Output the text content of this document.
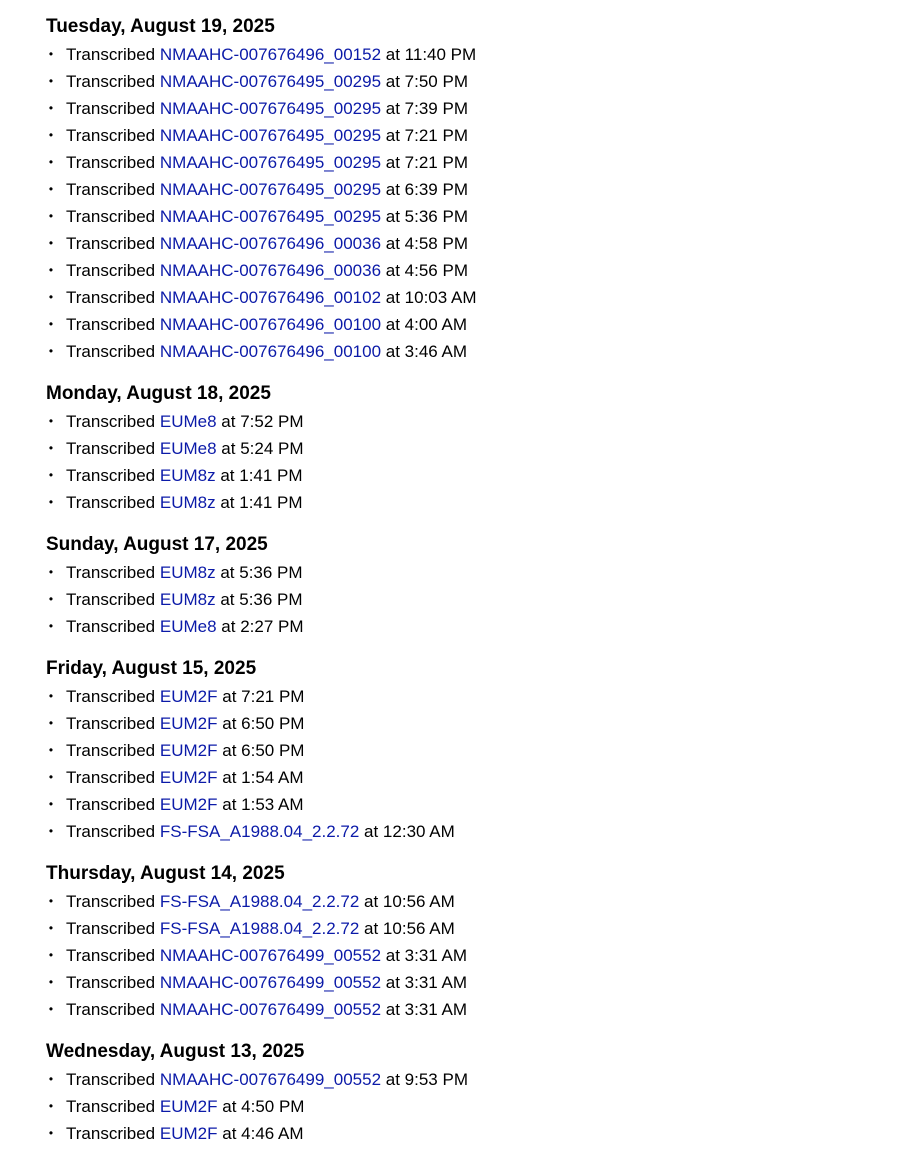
Tuesday, August 19, 2025
• Transcribed NMAAHC-007676496_00152 at 11:40 PM
• Transcribed NMAAHC-007676495_00295 at 7:50 PM
• Transcribed NMAAHC-007676495_00295 at 7:39 PM
• Transcribed NMAAHC-007676495_00295 at 7:21 PM
• Transcribed NMAAHC-007676495_00295 at 7:21 PM
• Transcribed NMAAHC-007676495_00295 at 6:39 PM
• Transcribed NMAAHC-007676495_00295 at 5:36 PM
• Transcribed NMAAHC-007676496_00036 at 4:58 PM
• Transcribed NMAAHC-007676496_00036 at 4:56 PM
• Transcribed NMAAHC-007676496_00102 at 10:03 AM
• Transcribed NMAAHC-007676496_00100 at 4:00 AM
• Transcribed NMAAHC-007676496_00100 at 3:46 AM
Monday, August 18, 2025
• Transcribed EUMe8 at 7:52 PM
• Transcribed EUMe8 at 5:24 PM
• Transcribed EUM8z at 1:41 PM
• Transcribed EUM8z at 1:41 PM
Sunday, August 17, 2025
• Transcribed EUM8z at 5:36 PM
• Transcribed EUM8z at 5:36 PM
• Transcribed EUMe8 at 2:27 PM
Friday, August 15, 2025
• Transcribed EUM2F at 7:21 PM
• Transcribed EUM2F at 6:50 PM
• Transcribed EUM2F at 6:50 PM
• Transcribed EUM2F at 1:54 AM
• Transcribed EUM2F at 1:53 AM
• Transcribed FS-FSA_A1988.04_2.2.72 at 12:30 AM
Thursday, August 14, 2025
• Transcribed FS-FSA_A1988.04_2.2.72 at 10:56 AM
• Transcribed FS-FSA_A1988.04_2.2.72 at 10:56 AM
• Transcribed NMAAHC-007676499_00552 at 3:31 AM
• Transcribed NMAAHC-007676499_00552 at 3:31 AM
• Transcribed NMAAHC-007676499_00552 at 3:31 AM
Wednesday, August 13, 2025
• Transcribed NMAAHC-007676499_00552 at 9:53 PM
• Transcribed EUM2F at 4:50 PM
• Transcribed EUM2F at 4:46 AM
